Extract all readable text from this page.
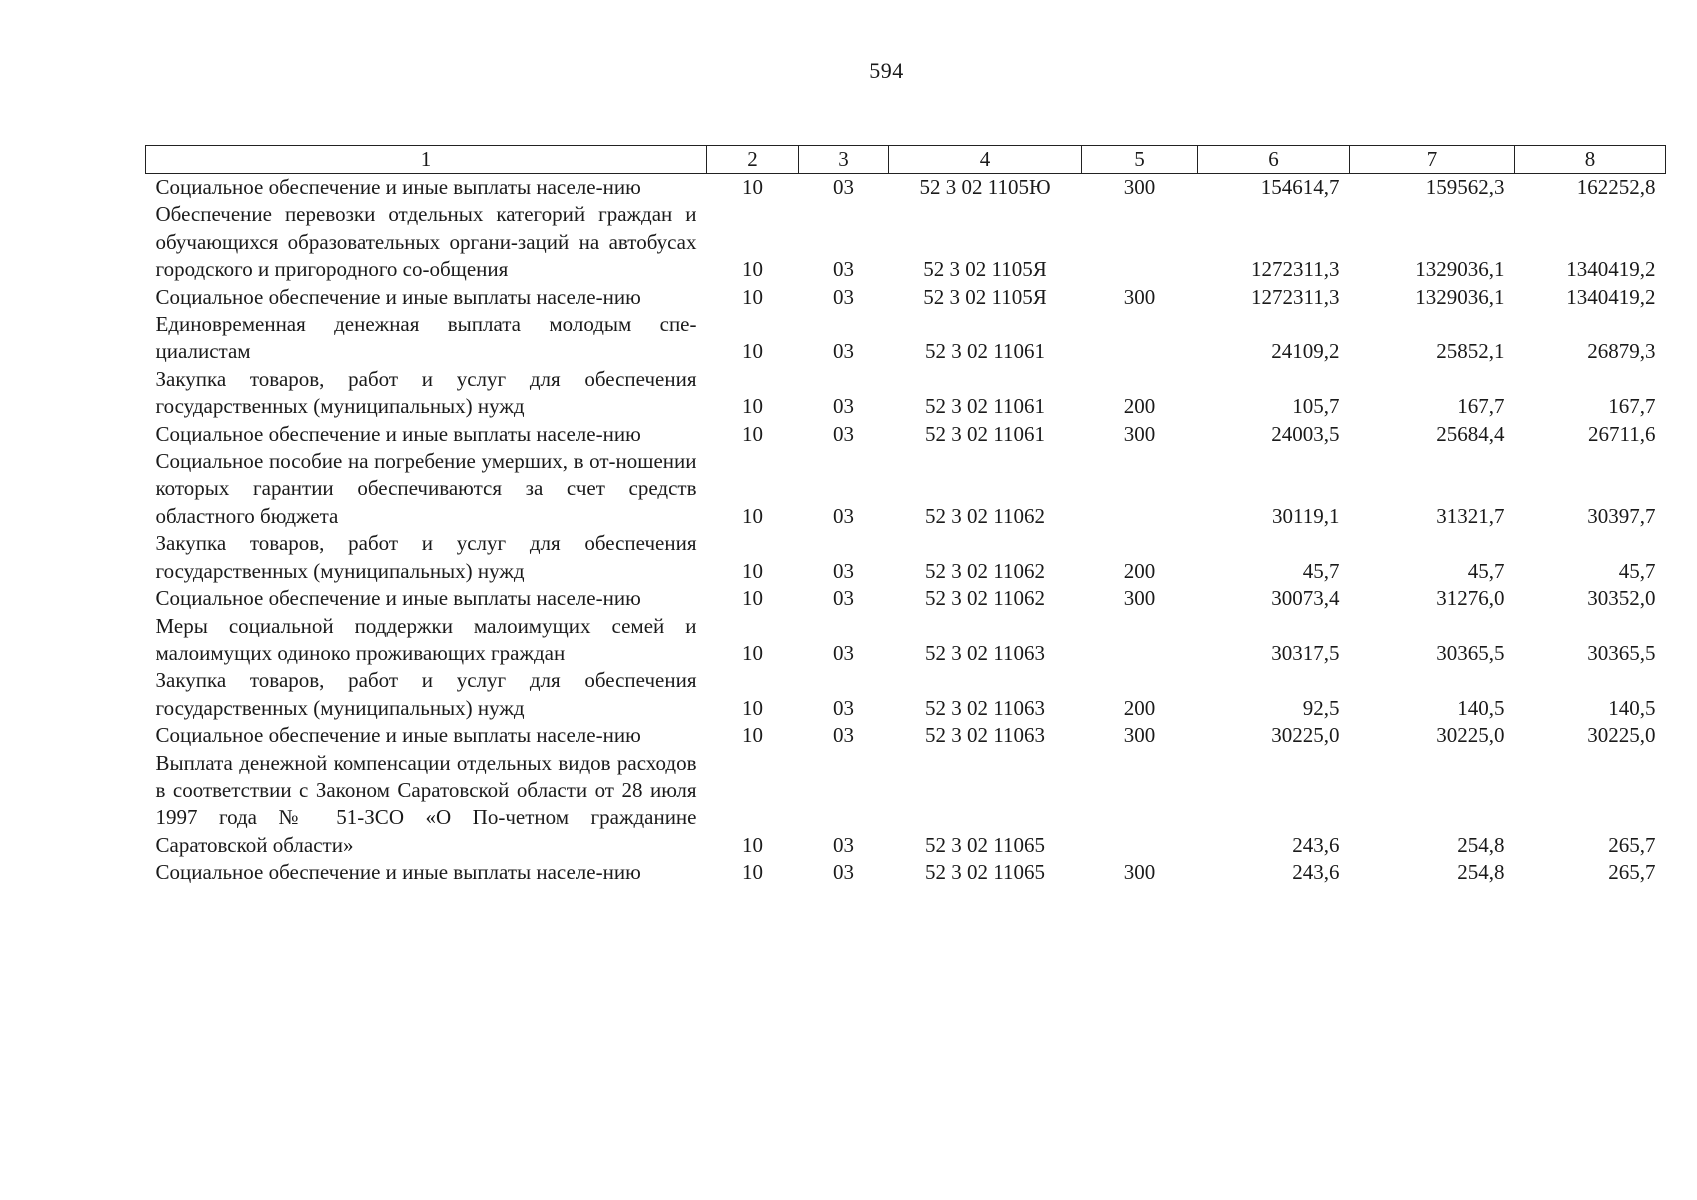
594
1	2	3	4	5	6	7	8
Социальное обеспечение и иные выплаты населе-нию	10	03	52 3 02 1105Ю	300	154614,7	159562,3	162252,8
Обеспечение перевозки отдельных категорий граждан и обучающихся образовательных органи-заций на автобусах городского и пригородного со-общения	10	03	52 3 02 1105Я		1272311,3	1329036,1	1340419,2
Социальное обеспечение и иные выплаты населе-нию	10	03	52 3 02 1105Я	300	1272311,3	1329036,1	1340419,2
Единовременная денежная выплата молодым спе-циалистам	10	03	52 3 02 11061		24109,2	25852,1	26879,3
Закупка товаров, работ и услуг для обеспечения государственных (муниципальных) нужд	10	03	52 3 02 11061	200	105,7	167,7	167,7
Социальное обеспечение и иные выплаты населе-нию	10	03	52 3 02 11061	300	24003,5	25684,4	26711,6
Социальное пособие на погребение умерших, в от-ношении которых гарантии обеспечиваются за счет средств областного бюджета	10	03	52 3 02 11062		30119,1	31321,7	30397,7
Закупка товаров, работ и услуг для обеспечения государственных (муниципальных) нужд	10	03	52 3 02 11062	200	45,7	45,7	45,7
Социальное обеспечение и иные выплаты населе-нию	10	03	52 3 02 11062	300	30073,4	31276,0	30352,0
Меры социальной поддержки малоимущих семей и малоимущих одиноко проживающих граждан	10	03	52 3 02 11063		30317,5	30365,5	30365,5
Закупка товаров, работ и услуг для обеспечения государственных (муниципальных) нужд	10	03	52 3 02 11063	200	92,5	140,5	140,5
Социальное обеспечение и иные выплаты населе-нию	10	03	52 3 02 11063	300	30225,0	30225,0	30225,0
Выплата денежной компенсации отдельных видов расходов в соответствии с Законом Саратовской области от 28 июля 1997 года № 51-ЗСО «О По-четном гражданине Саратовской области»	10	03	52 3 02 11065		243,6	254,8	265,7
Социальное обеспечение и иные выплаты населе-нию	10	03	52 3 02 11065	300	243,6	254,8	265,7
